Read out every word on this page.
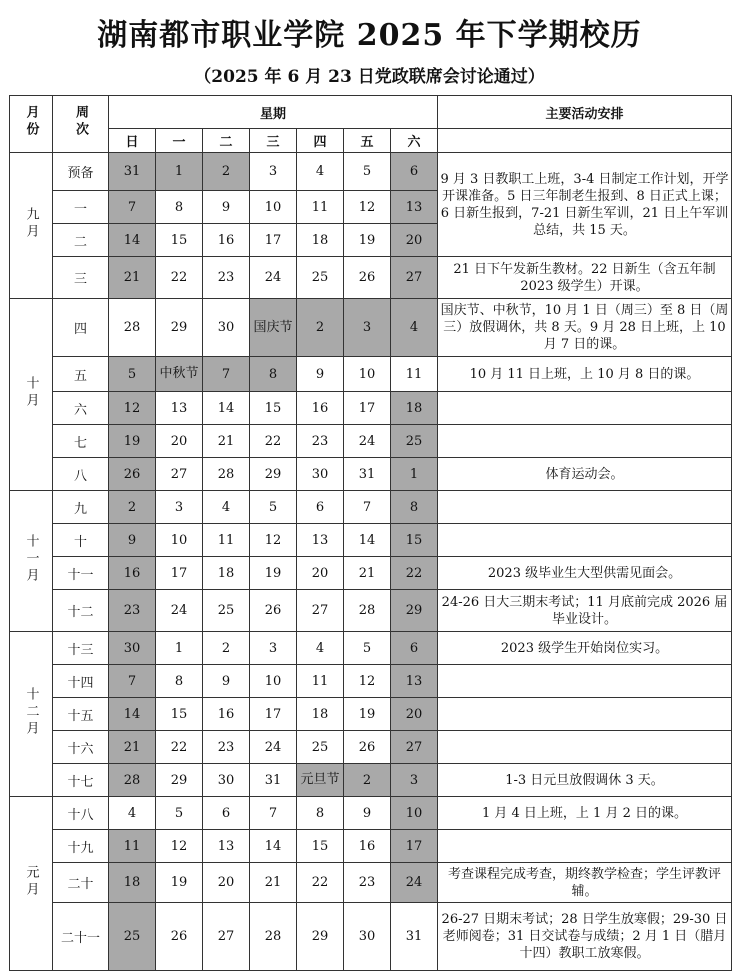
湖南都市职业学院 2025 年下学期校历
（2025 年 6 月 23 日党政联席会讨论通过）
月份	周次	星期							主要活动安排
		日	一	二	三	四	五	六	
九月	预备	31	1	2	3	4	5	6	9 月 3 日教职工上班，3-4 日制定工作计划，开学开课准备。5 日三年制老生报到、8 日正式上课；6 日新生报到，7-21 日新生军训，21 日上午军训总结，共 15 天。

	一	7	8	9	10	11	12	13	
	二	14	15	16	17	18	19	20	
	三	21	22	23	24	25	26	27	21 日下午发新生教材。22 日新生（含五年制 2023 级学生）开课。

十月	四	28	29	30	国庆节	2	3	4	国庆节、中秋节，10 月 1 日（周三）至 8 日（周三）放假调休，共 8 天。9 月 28 日上班，上 10 月 7 日的课。

	五	5	中秋节	7	8	9	10	11	10 月 11 日上班，上 10 月 8 日的课。

	六	12	13	14	15	16	17	18	

	七	19	20	21	22	23	24	25	

	八	26	27	28	29	30	31	1	体育运动会。

十一月	九	2	3	4	5	6	7	8	

	十	9	10	11	12	13	14	15	

	十一	16	17	18	19	20	21	22	2023 级毕业生大型供需见面会。

	十二	23	24	25	26	27	28	29	24-26 日大三期末考试；11 月底前完成 2026 届毕业设计。

十二月	十三	30	1	2	3	4	5	6	2023 级学生开始岗位实习。

	十四	7	8	9	10	11	12	13	

	十五	14	15	16	17	18	19	20	

	十六	21	22	23	24	25	26	27	

	十七	28	29	30	31	元旦节	2	3	1-3 日元旦放假调休 3 天。

元月	十八	4	5	6	7	8	9	10	1 月 4 日上班，上 1 月 2 日的课。

	十九	11	12	13	14	15	16	17	

	二十	18	19	20	21	22	23	24	考查课程完成考查，期终教学检查；学生评教评辅。

	二十一	25	26	27	28	29	30	31	26-27 日期末考试；28 日学生放寒假；29-30 日老师阅卷；31 日交试卷与成绩；2 月 1 日（腊月十四）教职工放寒假。
